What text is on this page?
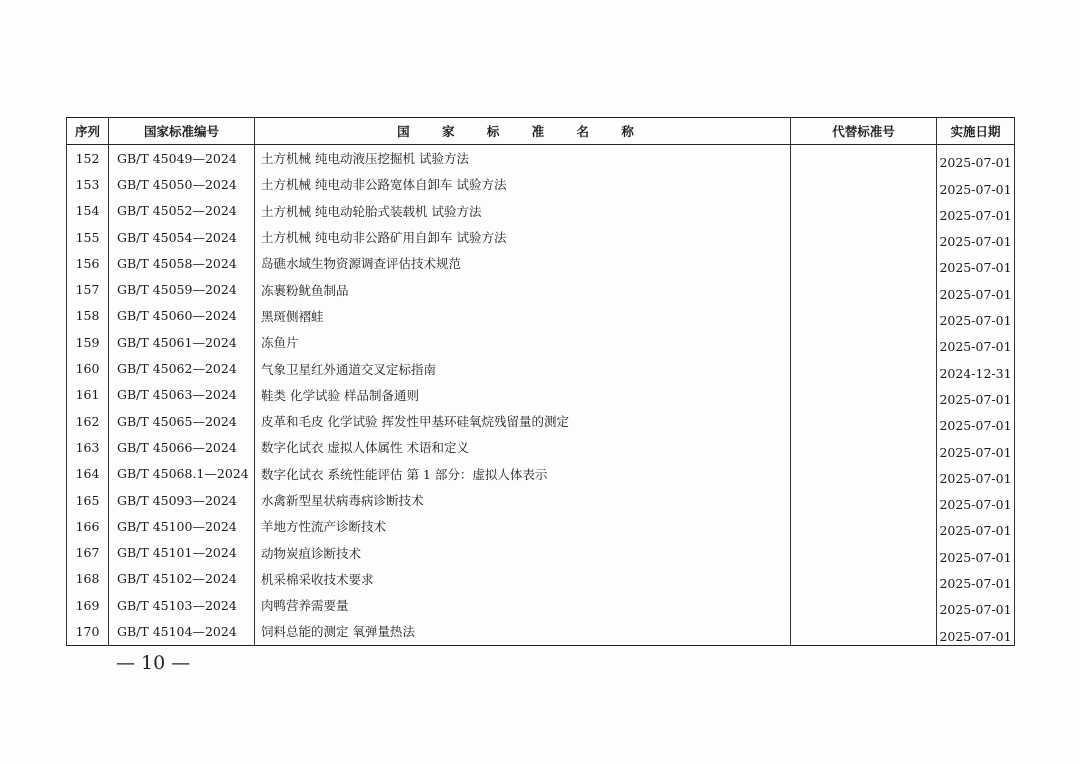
序列	国家标准编号	国 家 标 准 名 称	代替标准号	实施日期
152	GB/T 45049—2024	土方机械 纯电动液压挖掘机 试验方法		2025-07-01
153	GB/T 45050—2024	土方机械 纯电动非公路宽体自卸车 试验方法		2025-07-01
154	GB/T 45052—2024	土方机械 纯电动轮胎式装载机 试验方法		2025-07-01
155	GB/T 45054—2024	土方机械 纯电动非公路矿用自卸车 试验方法		2025-07-01
156	GB/T 45058—2024	岛礁水域生物资源调查评估技术规范		2025-07-01
157	GB/T 45059—2024	冻裹粉鱿鱼制品		2025-07-01
158	GB/T 45060—2024	黑斑侧褶蛙		2025-07-01
159	GB/T 45061—2024	冻鱼片		2025-07-01
160	GB/T 45062—2024	气象卫星红外通道交叉定标指南		2024-12-31
161	GB/T 45063—2024	鞋类 化学试验 样品制备通则		2025-07-01
162	GB/T 45065—2024	皮革和毛皮 化学试验 挥发性甲基环硅氧烷残留量的测定		2025-07-01
163	GB/T 45066—2024	数字化试衣 虚拟人体属性 术语和定义		2025-07-01
164	GB/T 45068.1—2024	数字化试衣 系统性能评估 第 1 部分：虚拟人体表示		2025-07-01
165	GB/T 45093—2024	水禽新型星状病毒病诊断技术		2025-07-01
166	GB/T 45100—2024	羊地方性流产诊断技术		2025-07-01
167	GB/T 45101—2024	动物炭疽诊断技术		2025-07-01
168	GB/T 45102—2024	机采棉采收技术要求		2025-07-01
169	GB/T 45103—2024	肉鸭营养需要量		2025-07-01
170	GB/T 45104—2024	饲料总能的测定 氧弹量热法		2025-07-01
— 10 —
